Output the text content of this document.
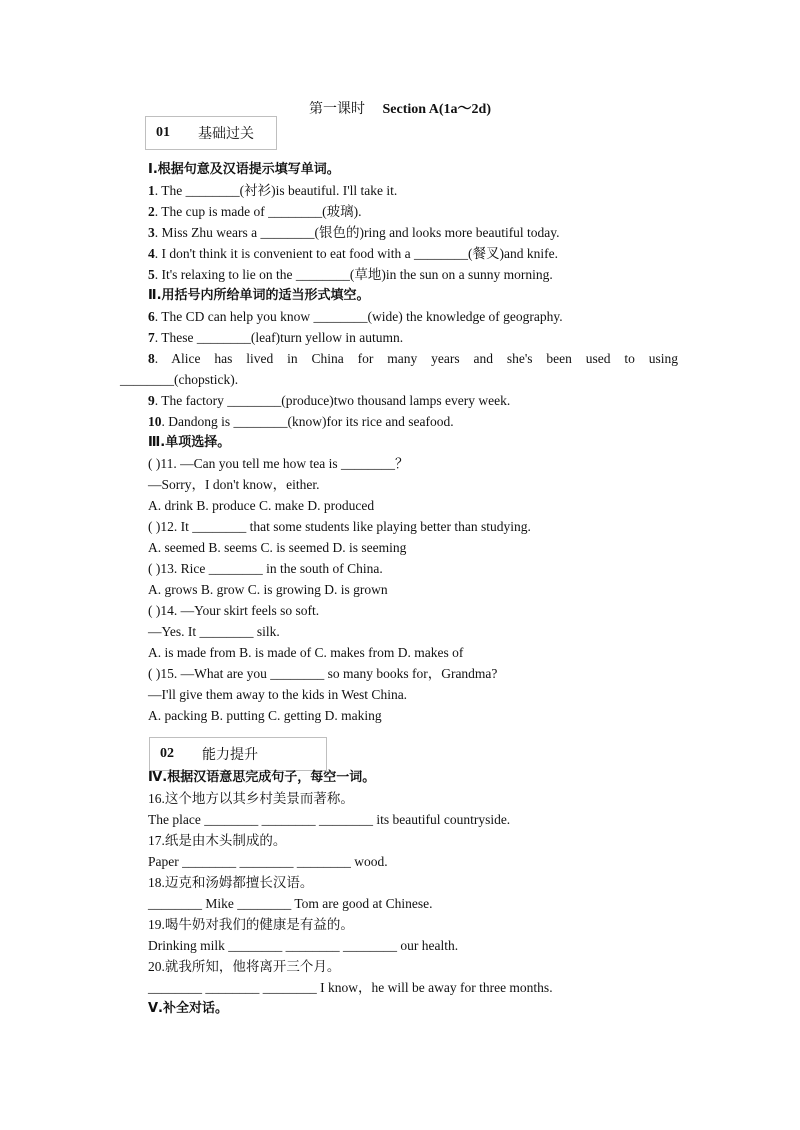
第一课时 Section A(1a～2d)
01 基础过关
Ⅰ.根据句意及汉语提示填写单词。
1. The ________(衬衫)is beautiful. I'll take it.
2. The cup is made of ________(玻璃).
3. Miss Zhu wears a ________(银色的)ring and looks more beautiful today.
4. I don't think it is convenient to eat food with a ________(餐叉)and knife.
5. It's relaxing to lie on the ________(草地)in the sun on a sunny morning.
Ⅱ.用括号内所给单词的适当形式填空。
6. The CD can help you know ________(wide) the knowledge of geography.
7. These ________(leaf)turn yellow in autumn.
8. Alice has lived in China for many years and she's been used to using
________(chopstick).
9. The factory ________(produce)two thousand lamps every week.
10. Dandong is ________(know)for its rice and seafood.
Ⅲ.单项选择。
( )11. —Can you tell me how tea is ________？
—Sorry，I don't know，either.
A. drink B. produce C. make D. produced
( )12. It ________ that some students like playing better than studying.
A. seemed B. seems C. is seemed D. is seeming
( )13. Rice ________ in the south of China.
A. grows B. grow C. is growing D. is grown
( )14. —Your skirt feels so soft.
—Yes. It ________ silk.
A. is made from B. is made of C. makes from D. makes of
( )15. —What are you ________ so many books for，Grandma?
—I'll give them away to the kids in West China.
A. packing B. putting C. getting D. making
02 能力提升
Ⅳ.根据汉语意思完成句子，每空一词。
16.这个地方以其乡村美景而著称。
The place ________ ________ ________ its beautiful countryside.
17.纸是由木头制成的。
Paper ________ ________ ________ wood.
18.迈克和汤姆都擅长汉语。
________ Mike ________ Tom are good at Chinese.
19.喝牛奶对我们的健康是有益的。
Drinking milk ________ ________ ________ our health.
20.就我所知，他将离开三个月。
________ ________ ________ I know，he will be away for three months.
Ⅴ.补全对话。
